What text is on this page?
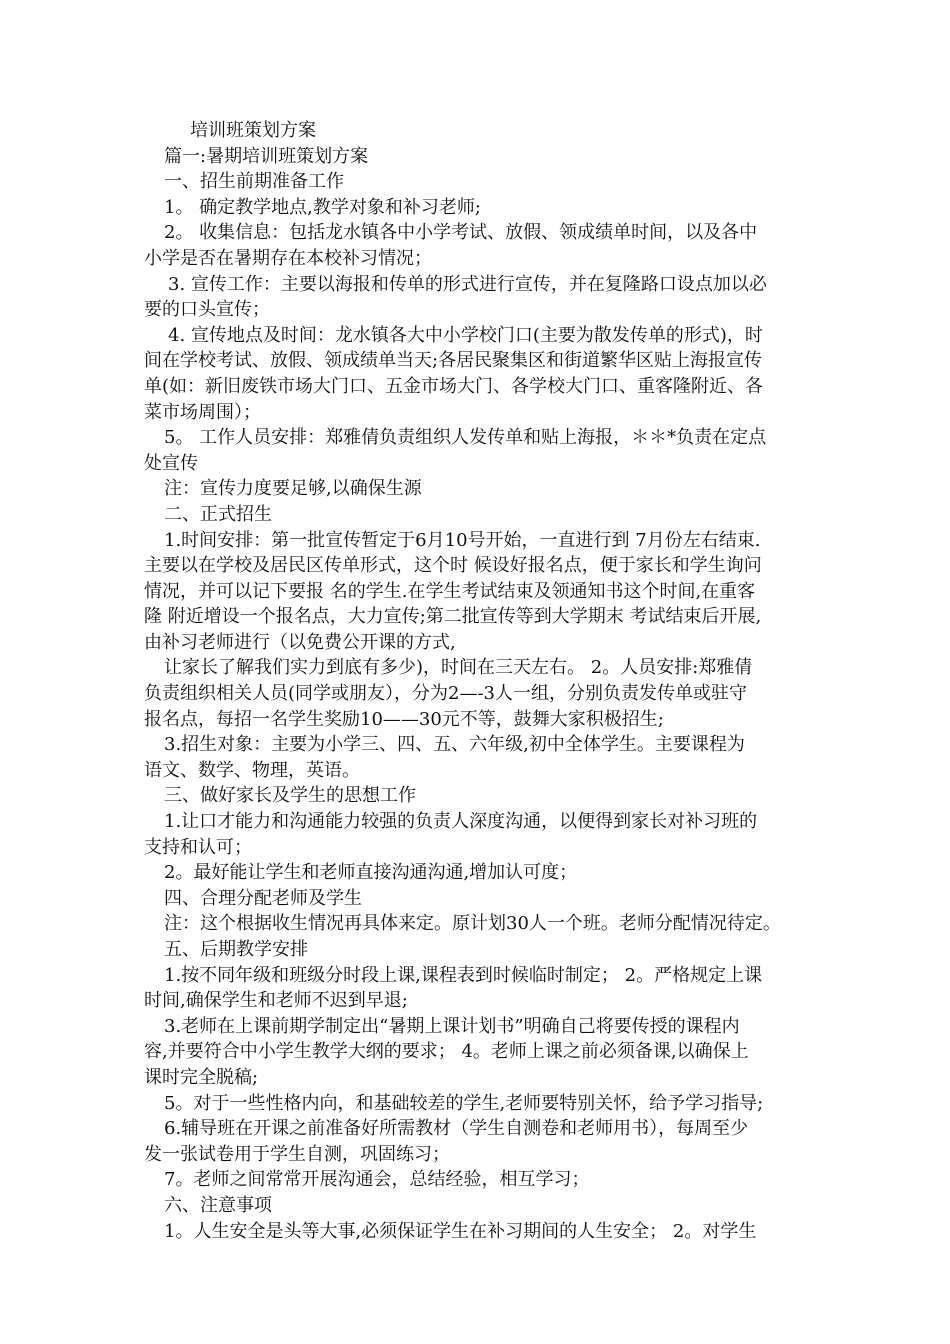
培训班策划方案
篇一:暑期培训班策划方案
一、招生前期准备工作
1。 确定教学地点,教学对象和补习老师;
2。 收集信息：包括龙水镇各中小学考试、放假、领成绩单时间，以及各中
小学是否在暑期存在本校补习情况；
3. 宣传工作：主要以海报和传单的形式进行宣传，并在复隆路口设点加以必
要的口头宣传；
4. 宣传地点及时间：龙水镇各大中小学校门口(主要为散发传单的形式)，时
间在学校考试、放假、领成绩单当天;各居民聚集区和街道繁华区贴上海报宣传
单(如：新旧废铁市场大门口、五金市场大门、各学校大门口、重客隆附近、各
菜市场周围）；
5。 工作人员安排：郑雅倩负责组织人发传单和贴上海报，＊＊*负责在定点
处宣传
注：宣传力度要足够,以确保生源
二、正式招生
1.时间安排：第一批宣传暂定于6月10号开始，一直进行到 7月份左右结束.
主要以在学校及居民区传单形式，这个时 候设好报名点，便于家长和学生询问
情况，并可以记下要报 名的学生.在学生考试结束及领通知书这个时间,在重客
隆 附近增设一个报名点，大力宣传;第二批宣传等到大学期末 考试结束后开展,
由补习老师进行（以免费公开课的方式,
让家长了解我们实力到底有多少)，时间在三天左右。 2。人员安排:郑雅倩
负责组织相关人员(同学或朋友），分为2—-3人一组，分别负责发传单或驻守
报名点，每招一名学生奖励10——30元不等，鼓舞大家积极招生;
3.招生对象：主要为小学三、四、五、六年级,初中全体学生。主要课程为
语文、数学、物理，英语。
三、做好家长及学生的思想工作
1.让口才能力和沟通能力较强的负责人深度沟通，以便得到家长对补习班的
支持和认可；
2。最好能让学生和老师直接沟通沟通,增加认可度；
四、合理分配老师及学生
注：这个根据收生情况再具体来定。原计划30人一个班。老师分配情况待定。
五、后期教学安排
1.按不同年级和班级分时段上课,课程表到时候临时制定； 2。严格规定上课
时间,确保学生和老师不迟到早退;
3.老师在上课前期学制定出“暑期上课计划书”明确自己将要传授的课程内
容,并要符合中小学生教学大纲的要求； 4。老师上课之前必须备课,以确保上
课时完全脱稿;
5。对于一些性格内向，和基础较差的学生,老师要特别关怀，给予学习指导;
6.辅导班在开课之前准备好所需教材（学生自测卷和老师用书），每周至少
发一张试卷用于学生自测，巩固练习；
7。老师之间常常开展沟通会，总结经验，相互学习；
六、注意事项
1。人生安全是头等大事,必须保证学生在补习期间的人生安全； 2。对学生
